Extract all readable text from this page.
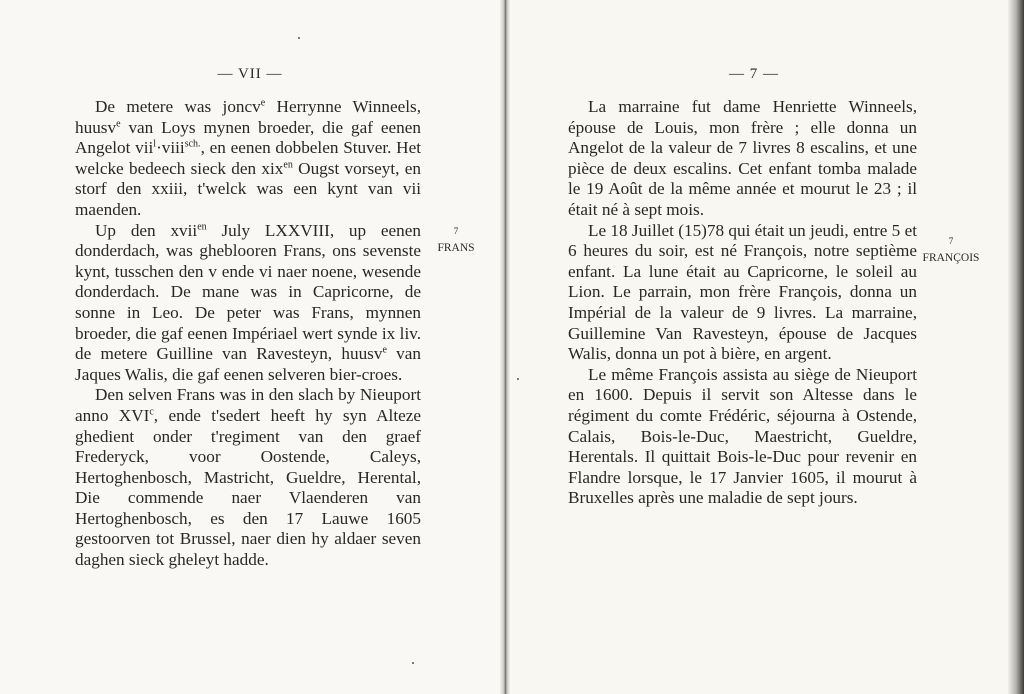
— VII —	— 7 —

De metere was joncv$^e$ Herrynne Winneels, huusv$^e$ van Loys mynen broeder, die gaf eenen Angelot vii$^l$·viii$^{sch.}$, en eenen dobbelen Stuver. Het welcke bedeech sieck den xix$^{en}$ Ougst vorseyt, en storf den xxiii, t'welck was een kynt van vii maenden.

Up den xvii$^{en}$ July LXXVIII, up eenen donderdach, was gheblooren Frans, ons sevenste kynt, tusschen den v ende vi naer noene, wesende donderdach. De mane was in Capricorne, de sonne in Leo. De peter was Frans, mynnen broeder, die gaf eenen Impériael wert synde ix liv. de metere Guilline van Ravesteyn, huusv$^e$ van Jaques Walis, die gaf eenen selveren bier-croes.

Den selven Frans was in den slach by Nieuport anno XVI$^c$, ende t'sedert heeft hy syn Alteze ghedient onder t'regiment van den graef Frederyck, voor Oostende, Caleys, Hertoghenbosch, Mastricht, Gueldre, Herental, Die commende naer Vlaenderen van Hertoghenbosch, es den 17 Lauwe 1605 gestoorven tot Brussel, naer dien hy aldaer seven daghen sieck gheleyt hadde.

7
FRANS

La marraine fut dame Henriette Winneels, épouse de Louis, mon frère ; elle donna un Angelot de la valeur de 7 livres 8 escalins, et une pièce de deux escalins. Cet enfant tomba malade le 19 Août de la même année et mourut le 23 ; il était né à sept mois.

Le 18 Juillet (15)78 qui était un jeudi, entre 5 et 6 heures du soir, est né François, notre septième enfant. La lune était au Capricorne, le soleil au Lion. Le parrain, mon frère François, donna un Impérial de la valeur de 9 livres. La marraine, Guillemine Van Ravesteyn, épouse de Jacques Walis, donna un pot à bière, en argent.

Le même François assista au siège de Nieuport en 1600. Depuis il servit son Altesse dans le régiment du comte Frédéric, séjourna à Ostende, Calais, Bois-le-Duc, Maestricht, Gueldre, Herentals. Il quittait Bois-le-Duc pour revenir en Flandre lorsque, le 17 Janvier 1605, il mourut à Bruxelles après une maladie de sept jours.

7
FRANÇOIS
